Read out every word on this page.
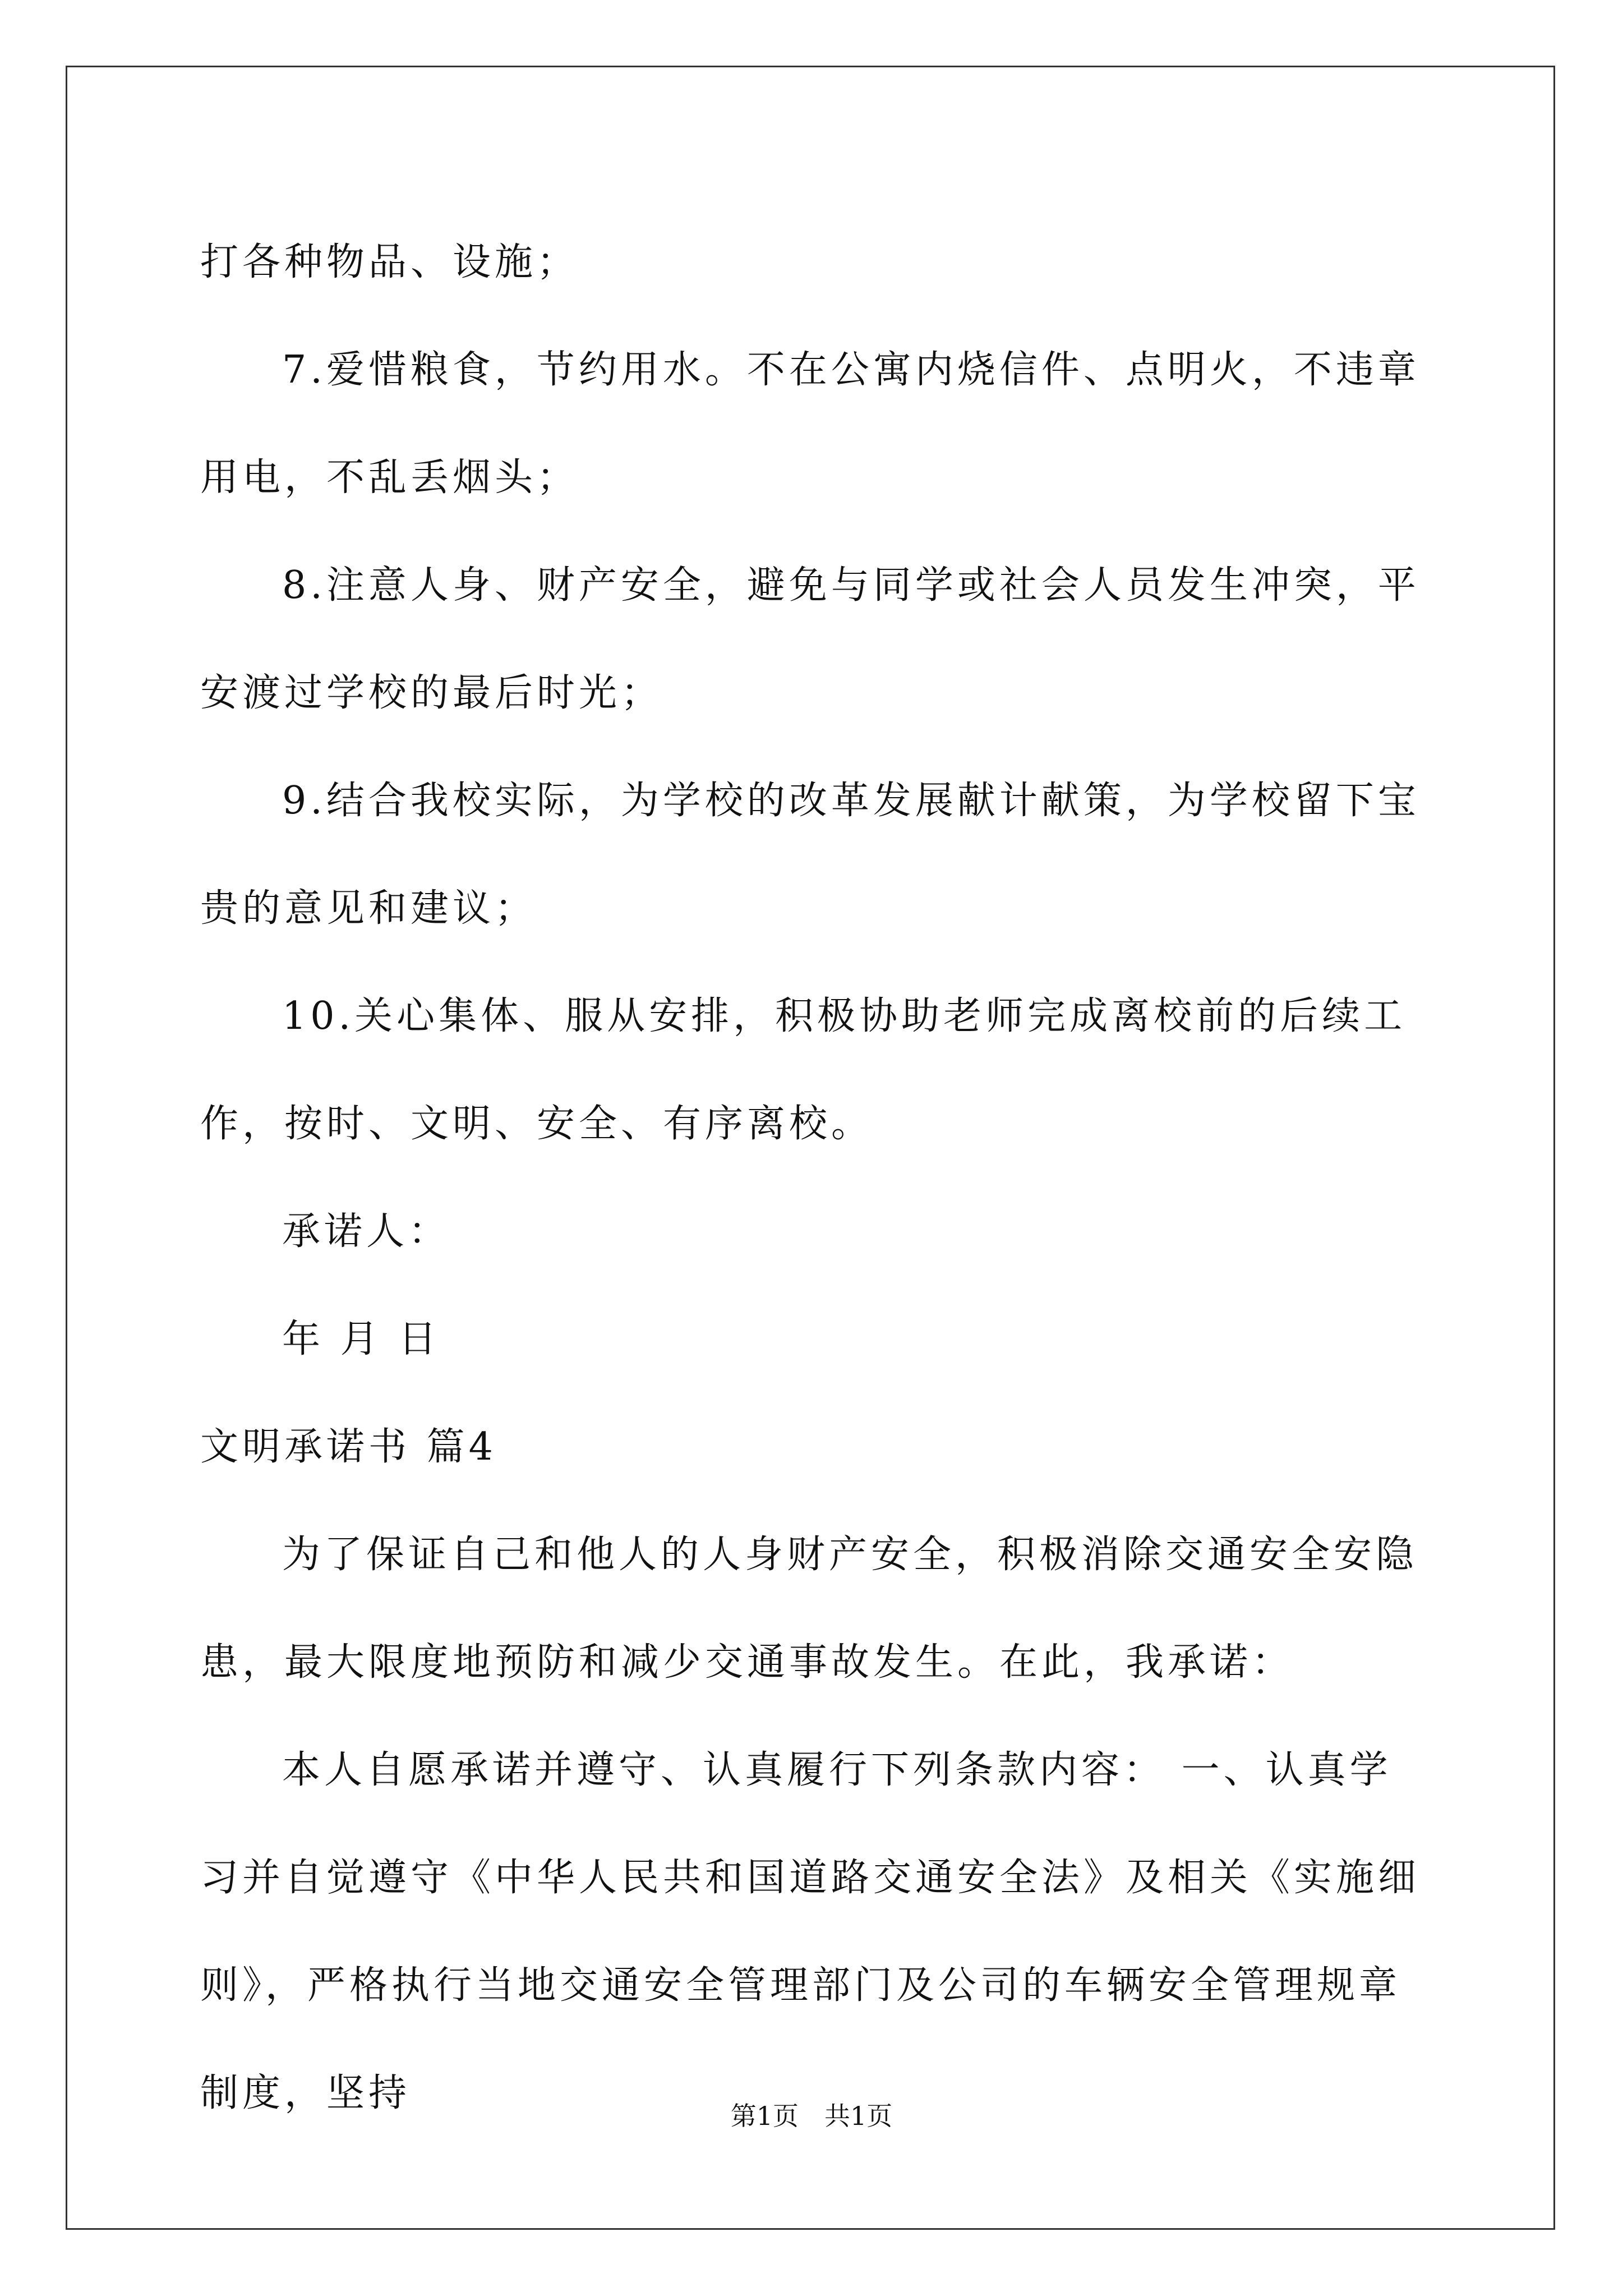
打各种物品、设施；

7.爱惜粮食，节约用水。不在公寓内烧信件、点明火，不违章用电，不乱丢烟头；

8.注意人身、财产安全，避免与同学或社会人员发生冲突，平安渡过学校的最后时光；

9.结合我校实际，为学校的改革发展献计献策，为学校留下宝贵的意见和建议；

10.关心集体、服从安排，积极协助老师完成离校前的后续工作，按时、文明、安全、有序离校。

承诺人：

年 月 日

文明承诺书 篇4

为了保证自己和他人的人身财产安全，积极消除交通安全安隐患，最大限度地预防和减少交通事故发生。在此，我承诺：

本人自愿承诺并遵守、认真履行下列条款内容： 一、认真学习并自觉遵守《中华人民共和国道路交通安全法》及相关《实施细则》，严格执行当地交通安全管理部门及公司的车辆安全管理规章制度，坚持

第1页　共1页
